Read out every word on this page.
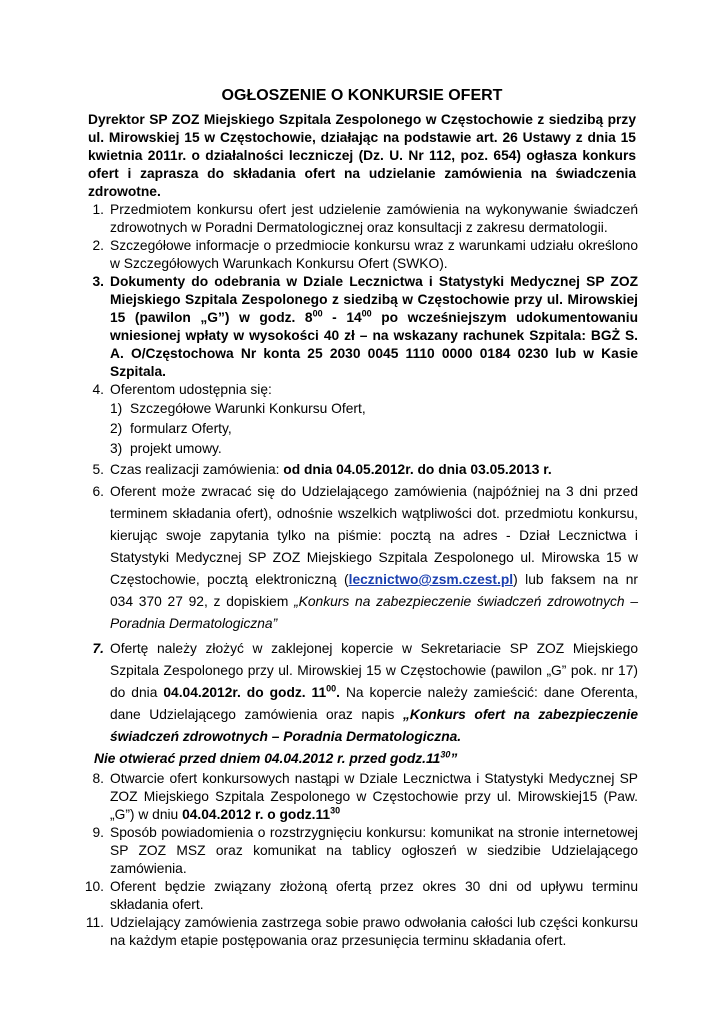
OGŁOSZENIE O KONKURSIE OFERT
Dyrektor SP ZOZ Miejskiego Szpitala Zespolonego w Częstochowie z siedzibą przy ul. Mirowskiej 15 w Częstochowie, działając na podstawie art. 26 Ustawy z dnia 15 kwietnia 2011r. o działalności leczniczej (Dz. U. Nr 112, poz. 654) ogłasza konkurs ofert i zaprasza do składania ofert na udzielanie zamówienia na świadczenia zdrowotne.
1. Przedmiotem konkursu ofert jest udzielenie zamówienia na wykonywanie świadczeń zdrowotnych w Poradni Dermatologicznej oraz konsultacji z zakresu dermatologii.
2. Szczegółowe informacje o przedmiocie konkursu wraz z warunkami udziału określono w Szczegółowych Warunkach Konkursu Ofert (SWKO).
3. Dokumenty do odebrania w Dziale Lecznictwa i Statystyki Medycznej SP ZOZ Miejskiego Szpitala Zespolonego z siedzibą w Częstochowie przy ul. Mirowskiej 15 (pawilon „G”) w godz. $8^{00} - 14^{00}$ po wcześniejszym udokumentowaniu wniesionej wpłaty w wysokości 40 zł – na wskazany rachunek Szpitala: BGŻ S. A. O/Częstochowa Nr konta 25 2030 0045 1110 0000 0184 0230 lub w Kasie Szpitala.
4. Oferentom udostępnia się:
1) Szczegółowe Warunki Konkursu Ofert,
2) formularz Oferty,
3) projekt umowy.
5. Czas realizacji zamówienia: od dnia 04.05.2012r. do dnia 03.05.2013 r.
6. Oferent może zwracać się do Udzielającego zamówienia (najpóźniej na 3 dni przed terminem składania ofert), odnośnie wszelkich wątpliwości dot. przedmiotu konkursu, kierując swoje zapytania tylko na piśmie: pocztą na adres - Dział Lecznictwa i Statystyki Medycznej SP ZOZ Miejskiego Szpitala Zespolonego ul. Mirowska 15 w Częstochowie, pocztą elektroniczną (lecznictwo@zsm.czest.pl) lub faksem na nr 034 370 27 92, z dopiskiem „Konkurs na zabezpieczenie świadczeń zdrowotnych – Poradnia Dermatologiczna”
7. Ofertę należy złożyć w zaklejonej kopercie w Sekretariacie SP ZOZ Miejskiego Szpitala Zespolonego przy ul. Mirowskiej 15 w Częstochowie (pawilon „G” pok. nr 17) do dnia 04.04.2012r. do godz. $11^{00}$. Na kopercie należy zamieścić: dane Oferenta, dane Udzielającego zamówienia oraz napis „Konkurs ofert na zabezpieczenie świadczeń zdrowotnych – Poradnia Dermatologiczna.
Nie otwierać przed dniem 04.04.2012 r. przed $godz.11^{30}$”
8. Otwarcie ofert konkursowych nastąpi w Dziale Lecznictwa i Statystyki Medycznej SP ZOZ Miejskiego Szpitala Zespolonego w Częstochowie przy ul. Mirowskiej15 (Paw. „G”) w dniu 04.04.2012 r. o $godz.11^{30}$
9. Sposób powiadomienia o rozstrzygnięciu konkursu: komunikat na stronie internetowej SP ZOZ MSZ oraz komunikat na tablicy ogłoszeń w siedzibie Udzielającego zamówienia.
10. Oferent będzie związany złożoną ofertą przez okres 30 dni od upływu terminu składania ofert.
11. Udzielający zamówienia zastrzega sobie prawo odwołania całości lub części konkursu na każdym etapie postępowania oraz przesunięcia terminu składania ofert.
